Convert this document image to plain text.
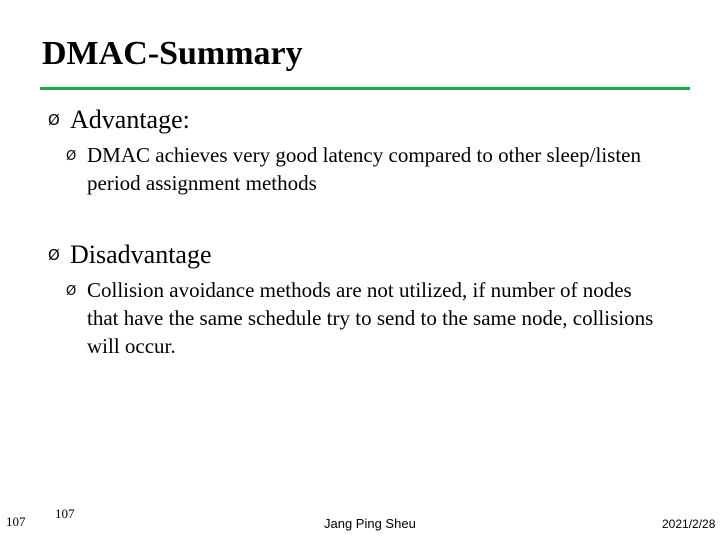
DMAC-Summary
Ø Advantage:
Ø DMAC achieves very good latency compared to other sleep/listen period assignment methods
Ø Disadvantage
Ø Collision avoidance methods are not utilized, if number of nodes that have the same schedule try to send to the same node, collisions will occur.
107
107
Jang Ping Sheu	2021/2/28
